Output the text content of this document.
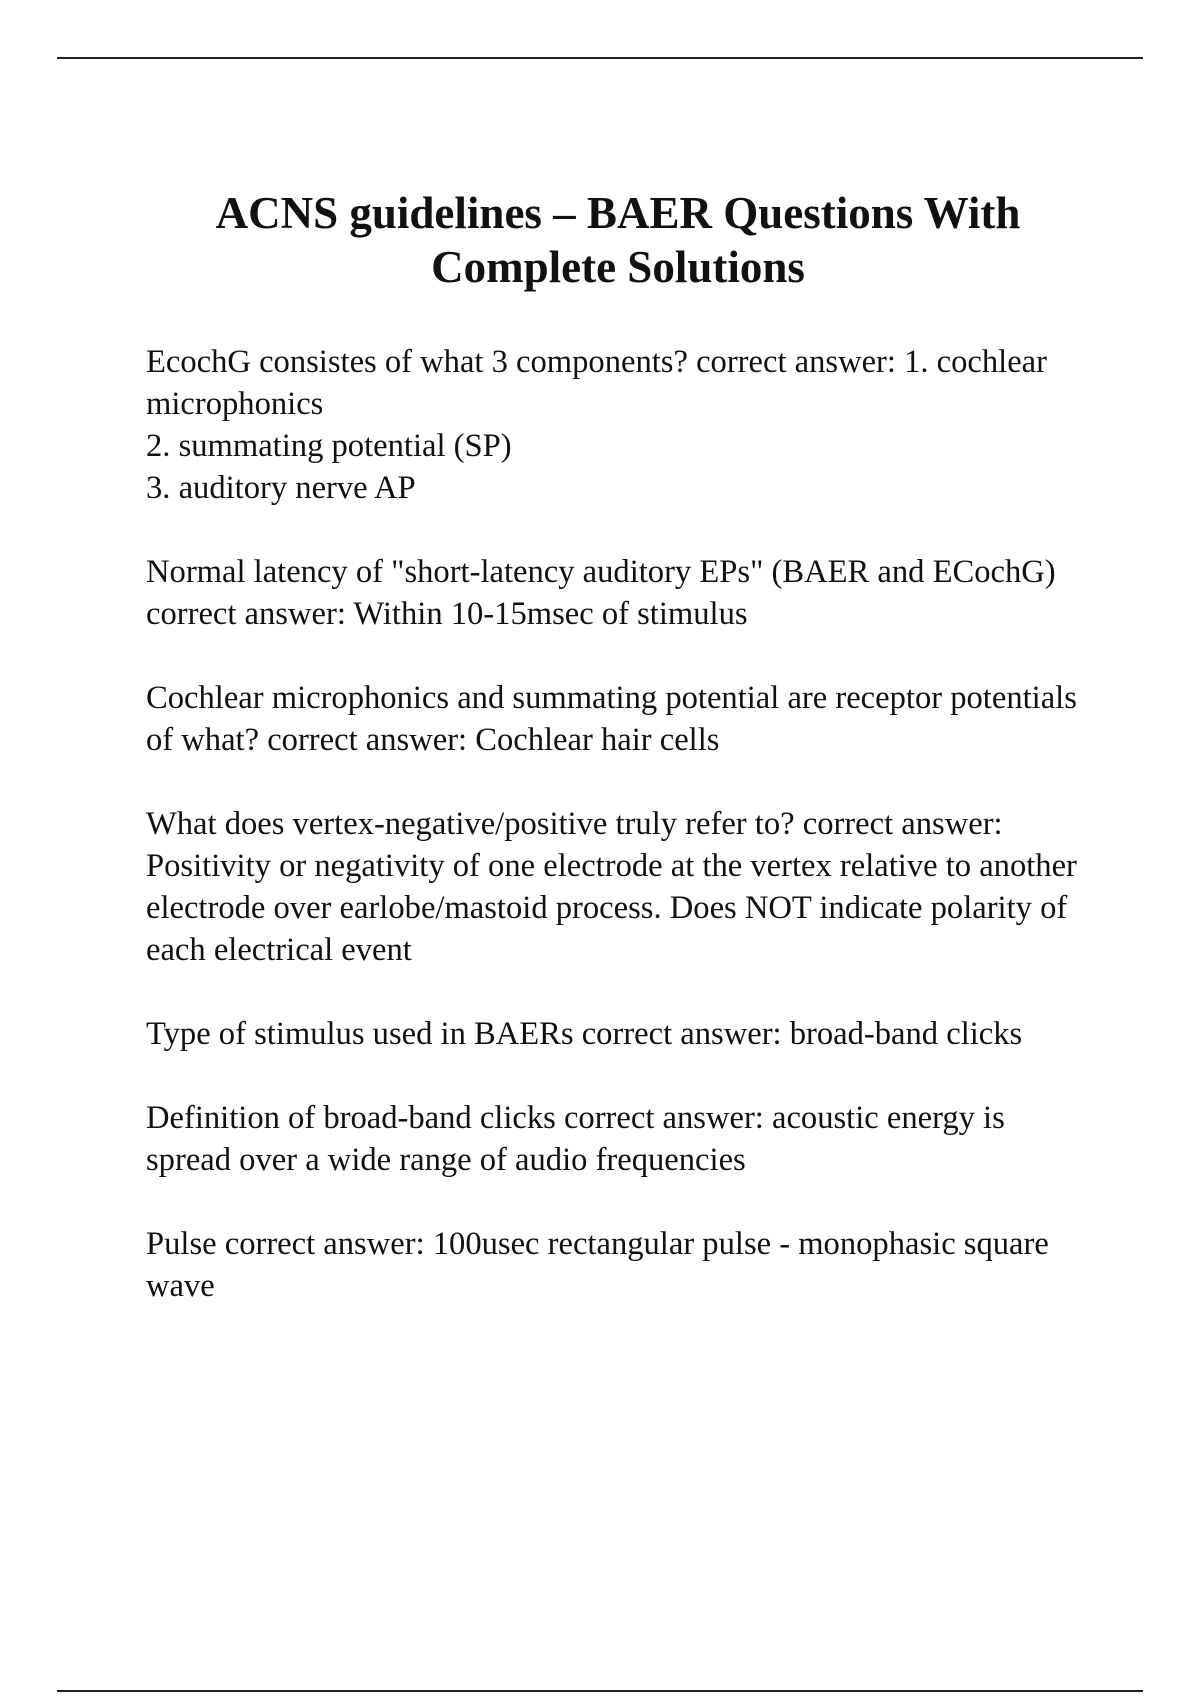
ACNS guidelines – BAER Questions With Complete Solutions

EcochG consistes of what 3 components? correct answer: 1. cochlear microphonics
2. summating potential (SP)
3. auditory nerve AP

Normal latency of "short-latency auditory EPs" (BAER and ECochG) correct answer: Within 10-15msec of stimulus

Cochlear microphonics and summating potential are receptor potentials of what? correct answer: Cochlear hair cells

What does vertex-negative/positive truly refer to? correct answer: Positivity or negativity of one electrode at the vertex relative to another electrode over earlobe/mastoid process. Does NOT indicate polarity of each electrical event

Type of stimulus used in BAERs correct answer: broad-band clicks

Definition of broad-band clicks correct answer: acoustic energy is spread over a wide range of audio frequencies

Pulse correct answer: 100usec rectangular pulse - monophasic square wave
